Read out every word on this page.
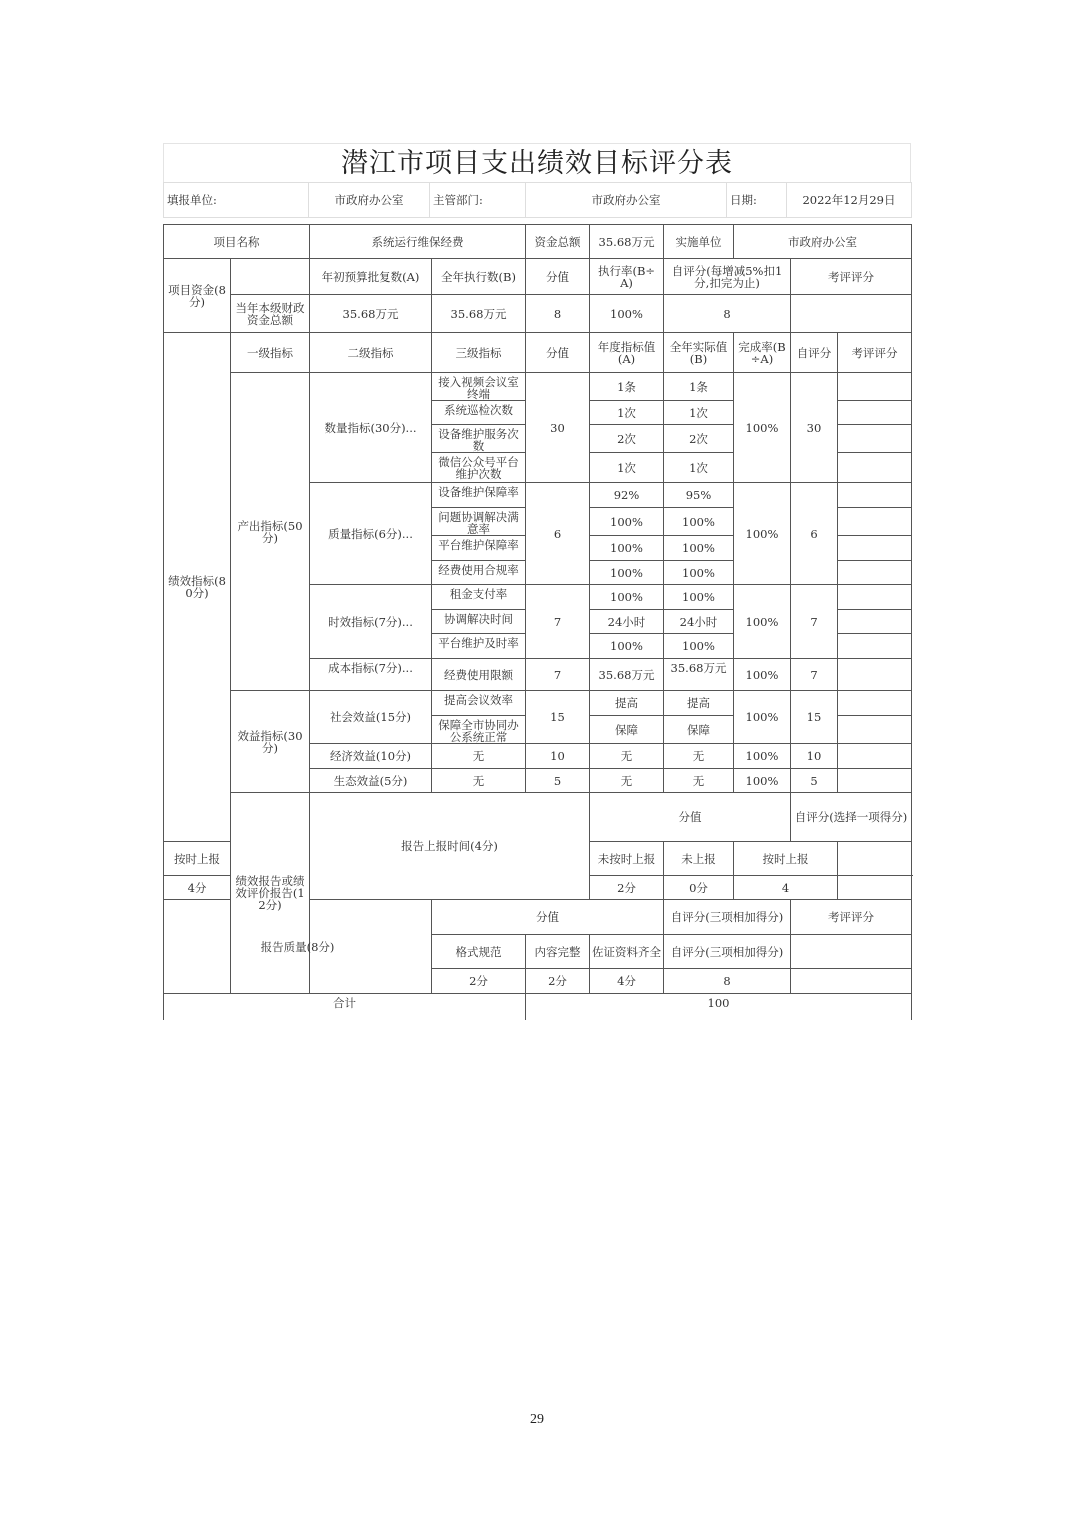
潜江市项目支出绩效目标评分表
填报单位:	市政府办公室	主管部门:	市政府办公室	日期:	2022年12月29日
项目名称		系统运行维保经费		资金总额	35.68万元	实施单位	市政府办公室			
项目资金(8分)		年初预算批复数(A)	全年执行数(B)	分值	执行率(B÷A)	自评分(每增减5%扣1分,扣完为止)		考评评分		
	当年本级财政资金总额	35.68万元	35.68万元	8	100%	8				
绩效指标(80分)	一级指标	二级指标	三级指标	分值	年度指标值(A)	全年实际值(B)	完成率(B÷A)	自评分	考评评分	
	产出指标(50分)	数量指标(30分)...	接入视频会议室终端	30	1条	1条	100%	30		
			系统巡检次数		1次	1次				
			设备维护服务次数		2次	2次				
			微信公众号平台维护次数		1次	1次				
		质量指标(6分)...	设备维护保障率	6	92%	95%	100%	6		
			问题协调解决满意率		100%	100%				
			平台维护保障率		100%	100%				
			经费使用合规率		100%	100%				
		时效指标(7分)...	租金支付率	7	100%	100%	100%	7		
			协调解决时间		24小时	24小时				
			平台维护及时率		100%	100%				
		成本指标(7分)...	经费使用限额	7	35.68万元	35.68万元	100%	7		
	效益指标(30分)	社会效益(15分)	提高会议效率	15	提高	提高	100%	15		
			保障全市协同办公系统正常		保障	保障				
		经济效益(10分)	无	10	无	无	100%	10		
		生态效益(5分)	无	5	无	无	100%	5		
	绩效报告或绩效评价报告(12分)	报告上报时间(4分)			分值			自评分(选择一项得分)		
按时上报					未按时上报	未上报	按时上报			
4分					2分	0分	4			
报告质量(8分)			分值			自评分(三项相加得分)		考评评分		
			格式规范	内容完整	佐证资料齐全	自评分(三项相加得分)				
			2分	2分	4分	8				
合计				100						
29
